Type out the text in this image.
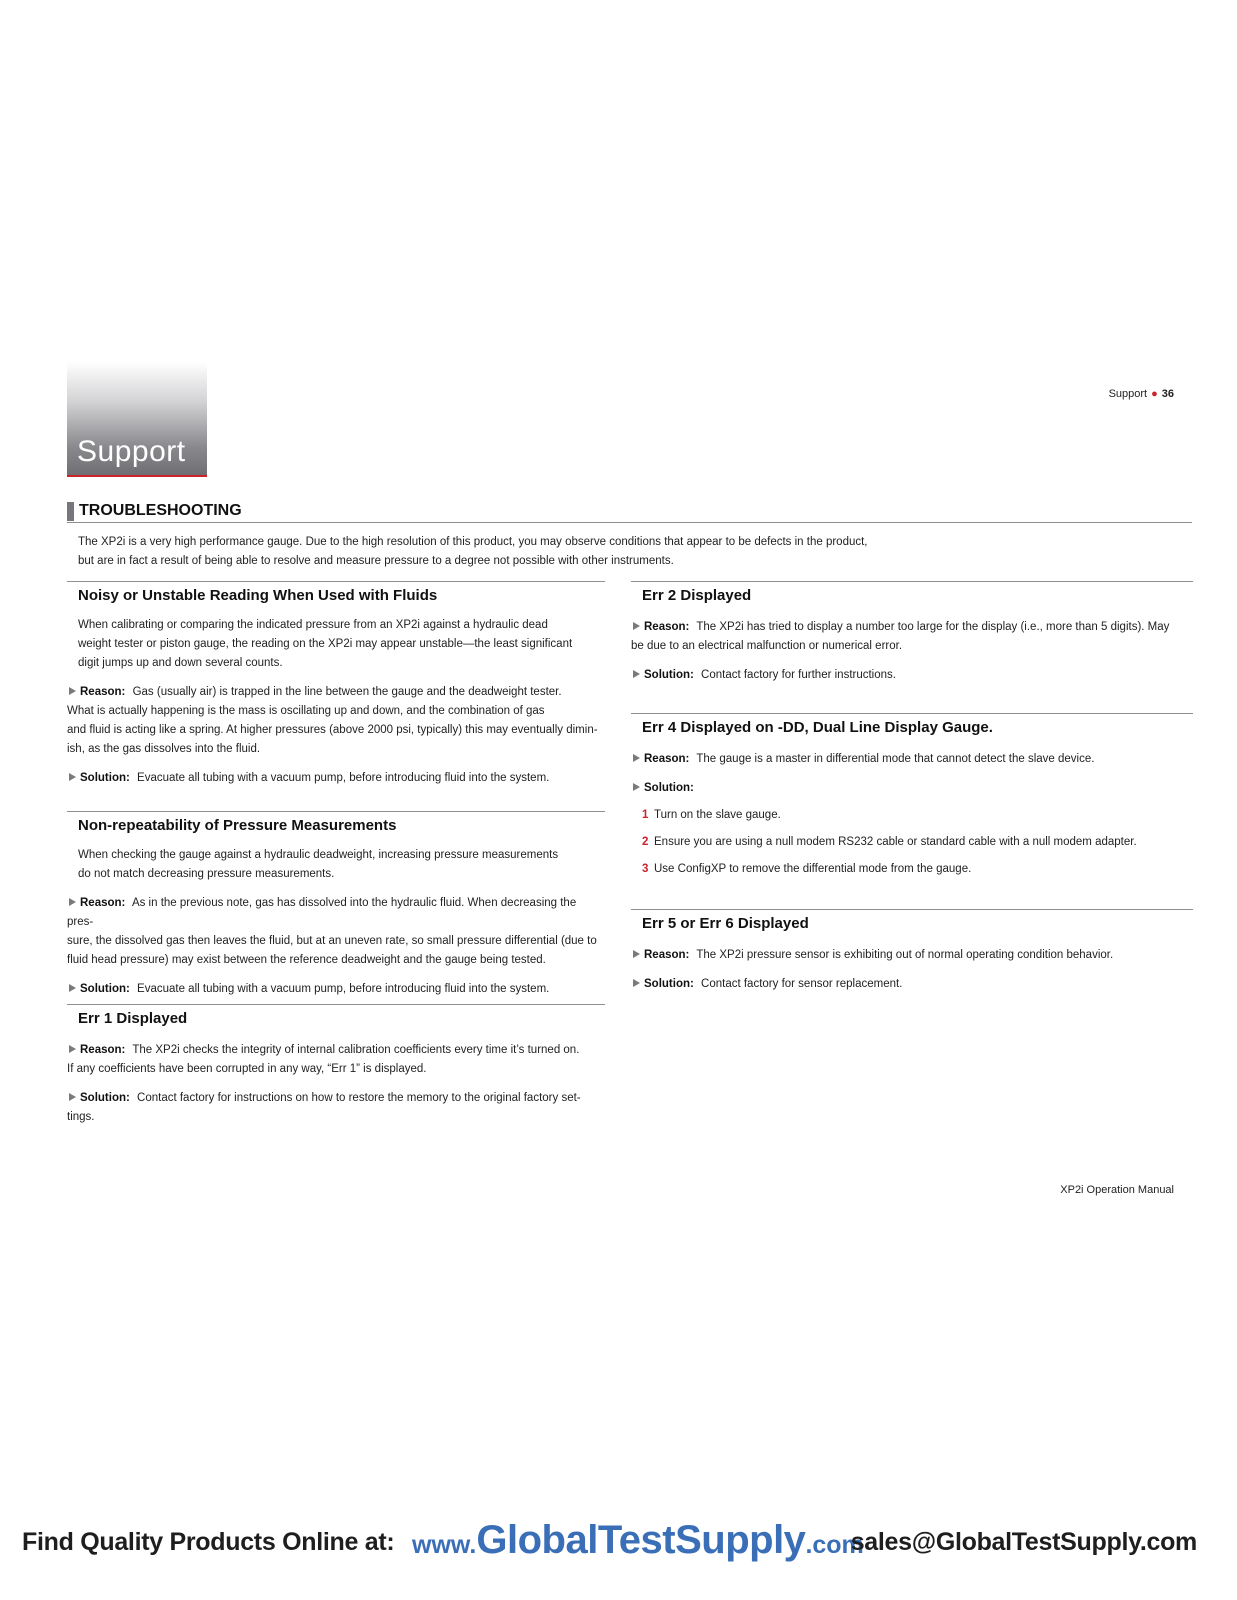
Support
Support ● 36
TROUBLESHOOTING
The XP2i is a very high performance gauge. Due to the high resolution of this product, you may observe conditions that appear to be defects in the product,
but are in fact a result of being able to resolve and measure pressure to a degree not possible with other instruments.
Noisy or Unstable Reading When Used with Fluids
When calibrating or comparing the indicated pressure from an XP2i against a hydraulic dead
weight tester or piston gauge, the reading on the XP2i may appear unstable—the least significant
digit jumps up and down several counts.
Reason: Gas (usually air) is trapped in the line between the gauge and the deadweight tester.
What is actually happening is the mass is oscillating up and down, and the combination of gas
and fluid is acting like a spring. At higher pressures (above 2000 psi, typically) this may eventually dimin-
ish, as the gas dissolves into the fluid.
Solution: Evacuate all tubing with a vacuum pump, before introducing fluid into the system.
Non-repeatability of Pressure Measurements
When checking the gauge against a hydraulic deadweight, increasing pressure measurements
do not match decreasing pressure measurements.
Reason: As in the previous note, gas has dissolved into the hydraulic fluid. When decreasing the pres-
sure, the dissolved gas then leaves the fluid, but at an uneven rate, so small pressure differential (due to
fluid head pressure) may exist between the reference deadweight and the gauge being tested.
Solution: Evacuate all tubing with a vacuum pump, before introducing fluid into the system.
Err 1 Displayed
Reason: The XP2i checks the integrity of internal calibration coefficients every time it’s turned on.
If any coefficients have been corrupted in any way, “Err 1” is displayed.
Solution: Contact factory for instructions on how to restore the memory to the original factory set-
tings.
Err 2 Displayed
Reason: The XP2i has tried to display a number too large for the display (i.e., more than 5 digits). May
be due to an electrical malfunction or numerical error.
Solution: Contact factory for further instructions.
Err 4 Displayed on -DD, Dual Line Display Gauge.
Reason: The gauge is a master in differential mode that cannot detect the slave device.
Solution:
1 Turn on the slave gauge.
2 Ensure you are using a null modem RS232 cable or standard cable with a null modem adapter.
3 Use ConfigXP to remove the differential mode from the gauge.
Err 5 or Err 6 Displayed
Reason: The XP2i pressure sensor is exhibiting out of normal operating condition behavior.
Solution: Contact factory for sensor replacement.
XP2i Operation Manual
Find Quality Products Online at: www.GlobalTestSupply.com
sales@GlobalTestSupply.com
